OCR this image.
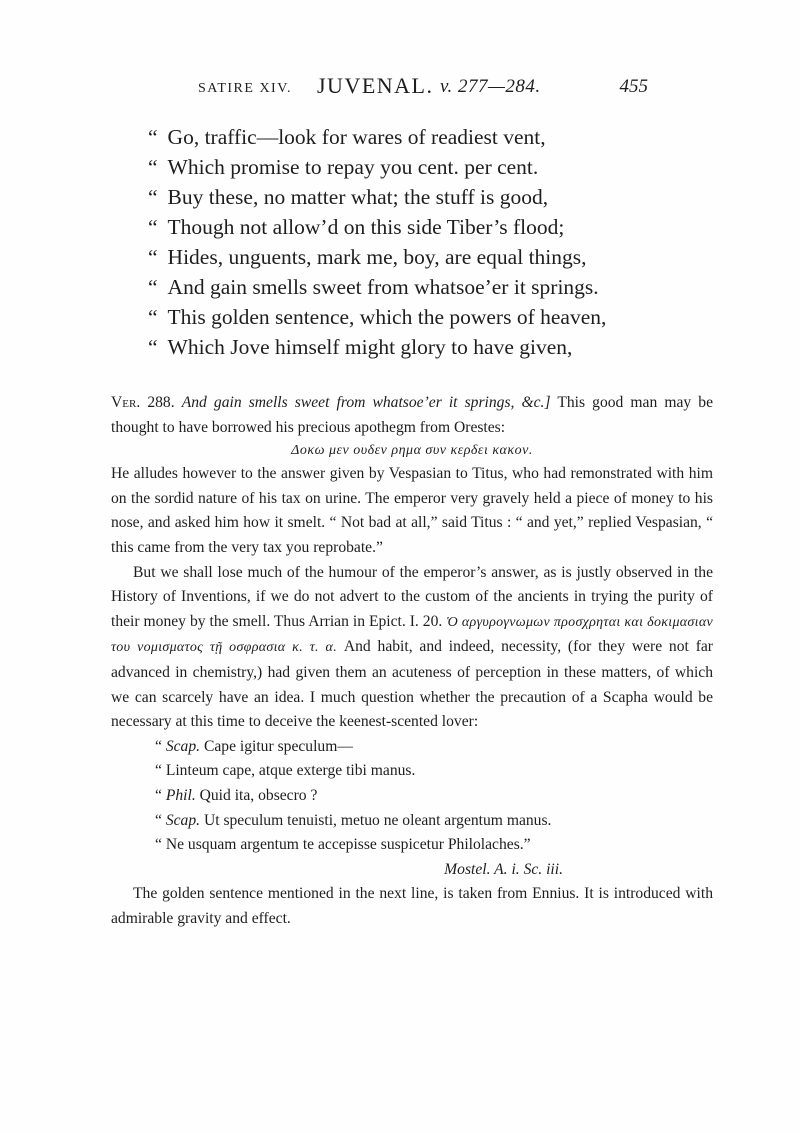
SATIRE XIV. JUVENAL. v. 277—284.	455
“ Go, traffic—look for wares of readiest vent,
“ Which promise to repay you cent. per cent.
“ Buy these, no matter what; the stuff is good,
“ Though not allow’d on this side Tiber’s flood;
“ Hides, unguents, mark me, boy, are equal things,
“ And gain smells sweet from whatsoe’er it springs.
“ This golden sentence, which the powers of heaven,
“ Which Jove himself might glory to have given,

Ver. 288. And gain smells sweet from whatsoe’er it springs, &c.] This good man may be thought to have borrowed his precious apothegm from Orestes:

Δοκω μεν ουδεν ρημα συν κερδει κακον.

He alludes however to the answer given by Vespasian to Titus, who had remonstrated with him on the sordid nature of his tax on urine. The emperor very gravely held a piece of money to his nose, and asked him how it smelt. “ Not bad at all,” said Titus : “ and yet,” replied Vespasian, “ this came from the very tax you reprobate.”

But we shall lose much of the humour of the emperor’s answer, as is justly observed in the History of Inventions, if we do not advert to the custom of the ancients in trying the purity of their money by the smell. Thus Arrian in Epict. I. 20. Ὁ αργυρογνωμων προσχρηται και δοκιμασιαν του νομισματος τῇ οσφρασια κ. τ. α. And habit, and indeed, necessity, (for they were not far advanced in chemistry,) had given them an acuteness of perception in these matters, of which we can scarcely have an idea. I much question whether the precaution of a Scapha would be necessary at this time to deceive the keenest-scented lover:

“ Scap. Cape igitur speculum—
“ Linteum cape, atque exterge tibi manus.
“ Phil. Quid ita, obsecro ?
“ Scap. Ut speculum tenuisti, metuo ne oleant argentum manus.
“ Ne usquam argentum te accepisse suspicetur Philolaches.”

Mostel. A. i. Sc. iii.

The golden sentence mentioned in the next line, is taken from Ennius. It is introduced with admirable gravity and effect.
